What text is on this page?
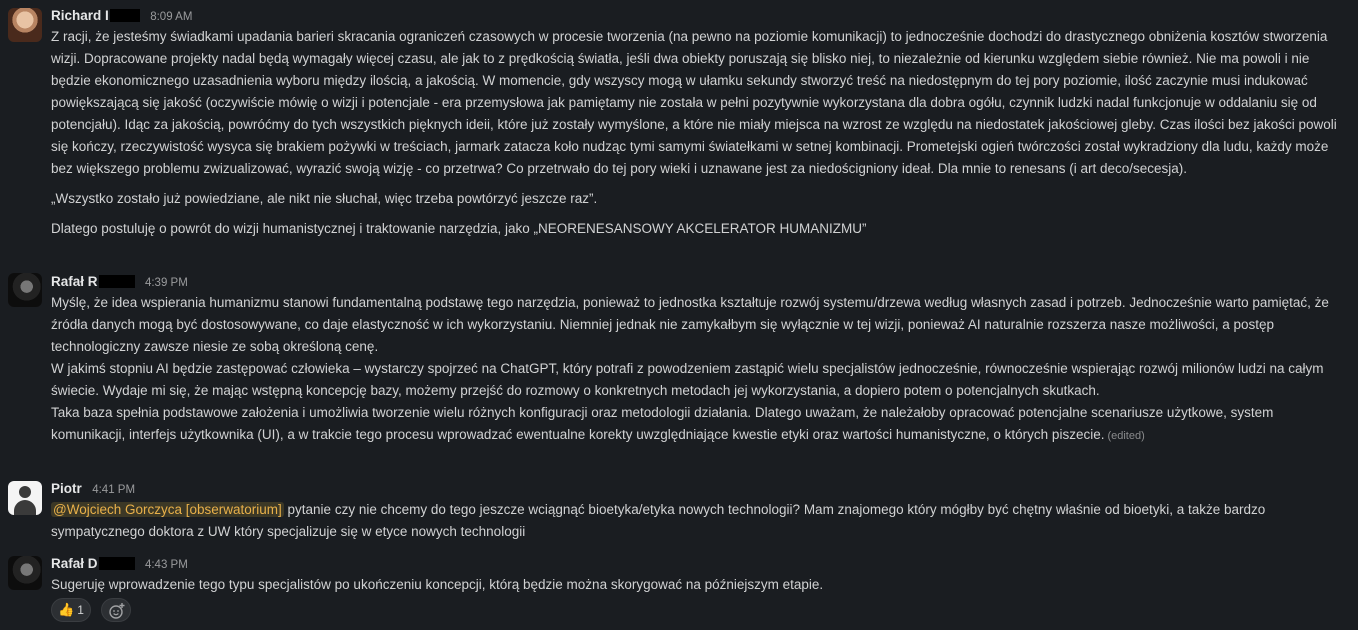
Richard I	8:09 AM

Z racji, że jesteśmy świadkami upadania barieri skracania ograniczeń czasowych w procesie tworzenia (na pewno na poziomie komunikacji) to jednocześnie dochodzi do drastycznego obniżenia kosztów stworzenia wizji. Dopracowane projekty nadal będą wymagały więcej czasu, ale jak to z prędkością światła, jeśli dwa obiekty poruszają się blisko niej, to niezależnie od kierunku względem siebie również. Nie ma powoli i nie będzie ekonomicznego uzasadnienia wyboru między ilością, a jakością. W momencie, gdy wszyscy mogą w ułamku sekundy stworzyć treść na niedostępnym do tej pory poziomie, ilość zaczynie musi indukować powiększającą się jakość (oczywiście mówię o wizji i potencjale - era przemysłowa jak pamiętamy nie została w pełni pozytywnie wykorzystana dla dobra ogółu, czynnik ludzki nadal funkcjonuje w oddalaniu się od potencjału). Idąc za jakością, powróćmy do tych wszystkich pięknych ideii, które już zostały wymyślone, a które nie miały miejsca na wzrost ze względu na niedostatek jakościowej gleby. Czas ilości bez jakości powoli się kończy, rzeczywistość wysyca się brakiem pożywki w treściach, jarmark zatacza koło nudząc tymi samymi światełkami w setnej kombinacji. Prometejski ogień twórczości został wykradziony dla ludu, każdy może bez większego problemu zwizualizować, wyrazić swoją wizję - co przetrwa? Co przetrwało do tej pory wieki i uznawane jest za niedościgniony ideał. Dla mnie to renesans (i art deco/secesja).

„Wszystko zostało już powiedziane, ale nikt nie słuchał, więc trzeba powtórzyć jeszcze raz”.

Dlatego postuluję o powrót do wizji humanistycznej i traktowanie narzędzia, jako „NEORENESANSOWY AKCELERATOR HUMANIZMU”

Rafał R	4:39 PM

Myślę, że idea wspierania humanizmu stanowi fundamentalną podstawę tego narzędzia, ponieważ to jednostka kształtuje rozwój systemu/drzewa według własnych zasad i potrzeb. Jednocześnie warto pamiętać, że źródła danych mogą być dostosowywane, co daje elastyczność w ich wykorzystaniu. Niemniej jednak nie zamykałbym się wyłącznie w tej wizji, ponieważ AI naturalnie rozszerza nasze możliwości, a postęp technologiczny zawsze niesie ze sobą określoną cenę.

W jakimś stopniu AI będzie zastępować człowieka – wystarczy spojrzeć na ChatGPT, który potrafi z powodzeniem zastąpić wielu specjalistów jednocześnie, równocześnie wspierając rozwój milionów ludzi na całym świecie. Wydaje mi się, że mając wstępną koncepcję bazy, możemy przejść do rozmowy o konkretnych metodach jej wykorzystania, a dopiero potem o potencjalnych skutkach.

Taka baza spełnia podstawowe założenia i umożliwia tworzenie wielu różnych konfiguracji oraz metodologii działania. Dlatego uważam, że należałoby opracować potencjalne scenariusze użytkowe, system komunikacji, interfejs użytkownika (UI), a w trakcie tego procesu wprowadzać ewentualne korekty uwzględniające kwestie etyki oraz wartości humanistyczne, o których piszecie. (edited)

Piotr 4:41 PM

@Wojciech Gorczyca [obserwatorium] pytanie czy nie chcemy do tego jeszcze wciągnąć bioetyka/etyka nowych technologii? Mam znajomego który mógłby być chętny właśnie od bioetyki, a także bardzo sympatycznego doktora z UW który specjalizuje się w etyce nowych technologii

Rafał D	4:43 PM

Sugeruję wprowadzenie tego typu specjalistów po ukończeniu koncepcji, którą będzie można skorygować na późniejszym etapie.

👍 1
